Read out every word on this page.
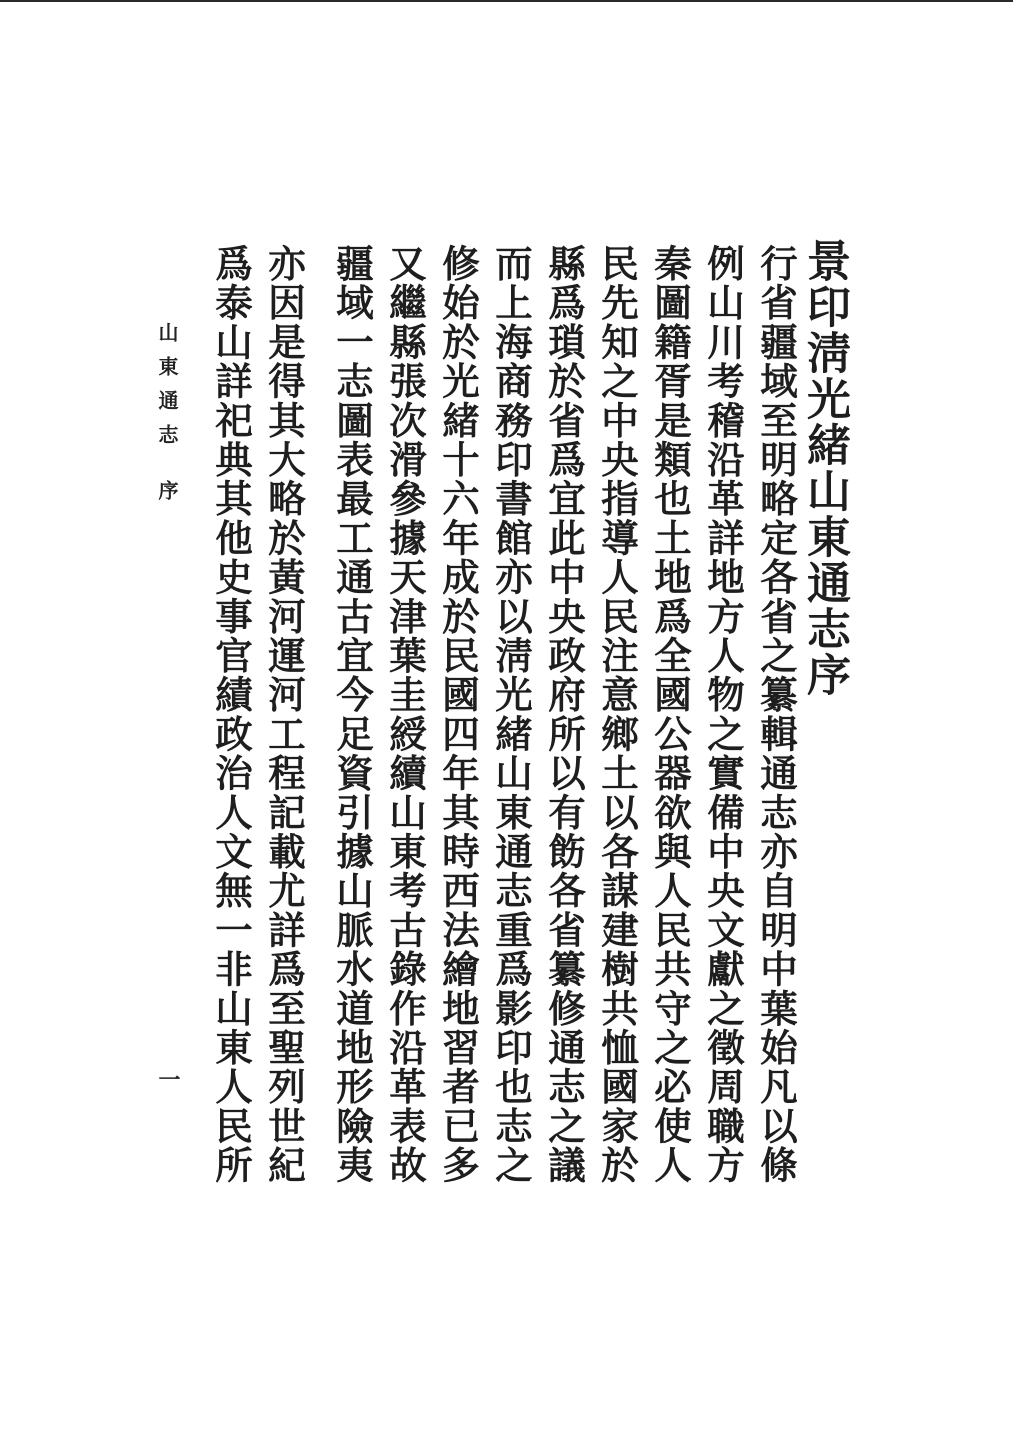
景印淸光緒山東通志序
行省疆域至明略定各省之纂輯通志亦自明中葉始凡以條
例山川考稽沿革詳地方人物之實備中央文獻之徵周職方
秦圖籍胥是類也土地爲全國公器欲與人民共守之必使人
民先知之中央指導人民注意鄉土以各謀建樹共恤國家於
縣爲瑣於省爲宜此中央政府所以有飭各省纂修通志之議
而上海商務印書館亦以淸光緒山東通志重爲影印也志之
修始於光緒十六年成於民國四年其時西法繪地習者已多
又繼縣張次滑參據天津葉圭綬續山東考古錄作沿革表故
疆域一志圖表最工通古宜今足資引據山脈水道地形險夷
亦因是得其大略於黃河運河工程記載尤詳爲至聖列世紀
爲泰山詳祀典其他史事官績政治人文無一非山東人民所
山東通志序
一
